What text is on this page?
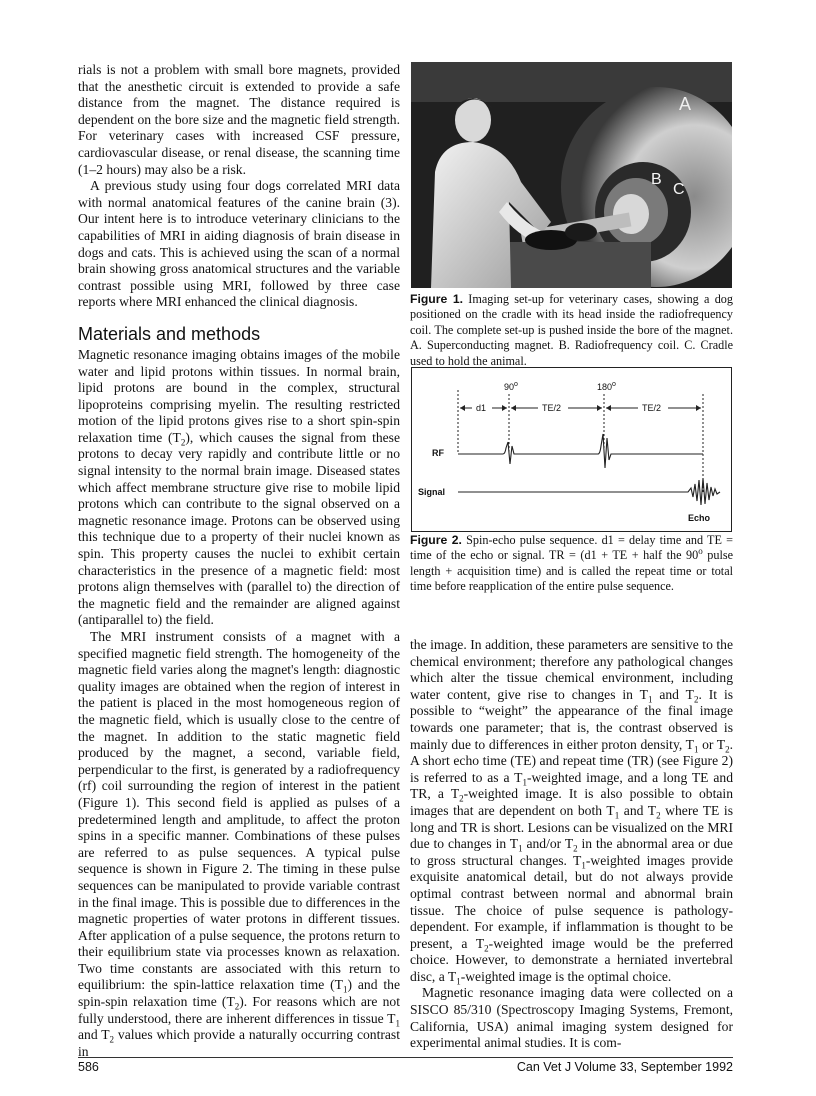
rials is not a problem with small bore magnets, provided that the anesthetic circuit is extended to provide a safe distance from the magnet. The distance required is dependent on the bore size and the magnetic field strength. For veterinary cases with increased CSF pressure, cardiovascular disease, or renal disease, the scanning time (1–2 hours) may also be a risk.

A previous study using four dogs correlated MRI data with normal anatomical features of the canine brain (3). Our intent here is to introduce veterinary clinicians to the capabilities of MRI in aiding diagnosis of brain disease in dogs and cats. This is achieved using the scan of a normal brain showing gross anatomical structures and the variable contrast possible using MRI, followed by three case reports where MRI enhanced the clinical diagnosis.

Materials and methods

Magnetic resonance imaging obtains images of the mobile water and lipid protons within tissues. In normal brain, lipid protons are bound in the complex, structural lipoproteins comprising myelin. The resulting restricted motion of the lipid protons gives rise to a short spin-spin relaxation time $(T_2)$, which causes the signal from these protons to decay very rapidly and contribute little or no signal intensity to the normal brain image. Diseased states which affect membrane structure give rise to mobile lipid protons which can contribute to the signal observed on a magnetic resonance image. Protons can be observed using this technique due to a property of their nuclei known as spin. This property causes the nuclei to exhibit certain characteristics in the presence of a magnetic field: most protons align themselves with (parallel to) the direction of the magnetic field and the remainder are aligned against (antiparallel to) the field.

The MRI instrument consists of a magnet with a specified magnetic field strength. The homogeneity of the magnetic field varies along the magnet's length: diagnostic quality images are obtained when the region of interest in the patient is placed in the most homogeneous region of the magnetic field, which is usually close to the centre of the magnet. In addition to the static magnetic field produced by the magnet, a second, variable field, perpendicular to the first, is generated by a radiofrequency (rf) coil surrounding the region of interest in the patient (Figure 1). This second field is applied as pulses of a predetermined length and amplitude, to affect the proton spins in a specific manner. Combinations of these pulses are referred to as pulse sequences. A typical pulse sequence is shown in Figure 2. The timing in these pulse sequences can be manipulated to provide variable contrast in the final image. This is possible due to differences in the magnetic properties of water protons in different tissues. After application of a pulse sequence, the protons return to their equilibrium state via processes known as relaxation. Two time constants are associated with this return to equilibrium: the spin-lattice relaxation time $(T_1)$ and the spin-spin relaxation time $(T_2)$. For reasons which are not fully understood, there are inherent differences in tissue $T_1$ and $T_2$ values which provide a naturally occurring contrast in

A
B
C
Figure 1. Imaging set-up for veterinary cases, showing a dog positioned on the cradle with its head inside the radiofrequency coil. The complete set-up is pushed inside the bore of the magnet. A. Superconducting magnet. B. Radiofrequency coil. C. Cradle used to hold the animal.
90$^o$	180$^o$
d1	TE/2	TE/2
RF
Signal
Echo
Figure 2. Spin-echo pulse sequence. d1 = delay time and TE = time of the echo or signal. TR = (d1 + TE + half the 90$^o$ pulse length + acquisition time) and is called the repeat time or total time before reapplication of the entire pulse sequence.

the image. In addition, these parameters are sensitive to the chemical environment; therefore any pathological changes which alter the tissue chemical environment, including water content, give rise to changes in $T_1$ and $T_2$. It is possible to “weight” the appearance of the final image towards one parameter; that is, the contrast observed is mainly due to differences in either proton density, $T_1$ or $T_2$. A short echo time (TE) and repeat time (TR) (see Figure 2) is referred to as a $T_1$-weighted image, and a long TE and TR, a $T_2$-weighted image. It is also possible to obtain images that are dependent on both $T_1$ and $T_2$ where TE is long and TR is short. Lesions can be visualized on the MRI due to changes in $T_1$ and/or $T_2$ in the abnormal area or due to gross structural changes. $T_1$-weighted images provide exquisite anatomical detail, but do not always provide optimal contrast between normal and abnormal brain tissue. The choice of pulse sequence is pathology-dependent. For example, if inflammation is thought to be present, a $T_2$-weighted image would be the preferred choice. However, to demonstrate a herniated invertebral disc, a $T_1$-weighted image is the optimal choice.

Magnetic resonance imaging data were collected on a SISCO 85/310 (Spectroscopy Imaging Systems, Fremont, California, USA) animal imaging system designed for experimental animal studies. It is com-

586	Can Vet J Volume 33, September 1992
